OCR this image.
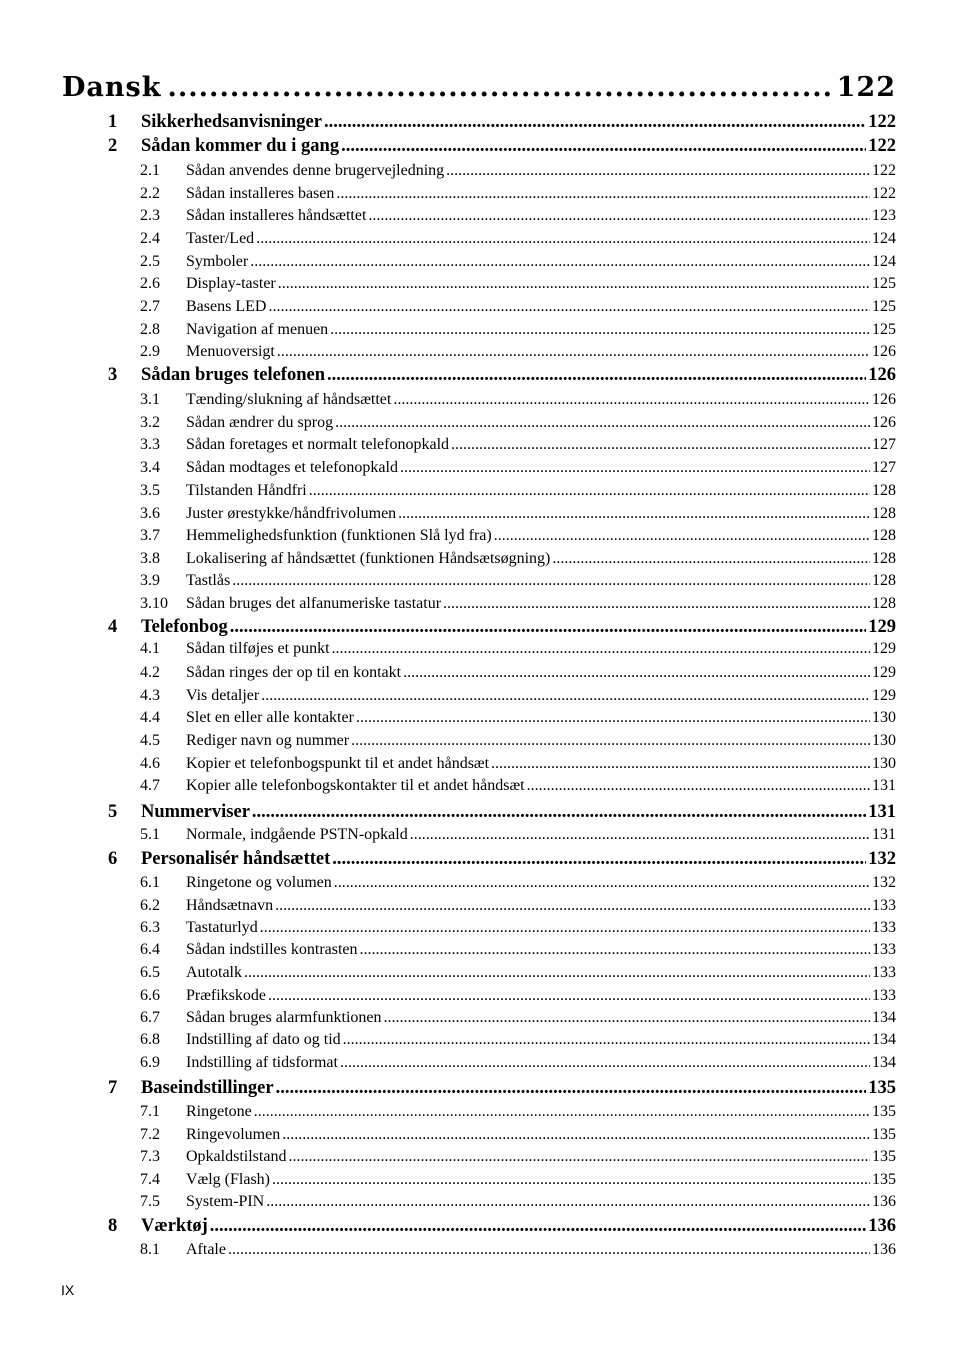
Dansk .....	122
1	Sikkerhedsanvisninger .....	122
2	Sådan kommer du i gang .....	122
2.1	Sådan anvendes denne brugervejledning .....	122
2.2	Sådan installeres basen .....	122
2.3	Sådan installeres håndsættet .....	123
2.4	Taster/Led .....	124
2.5	Symboler .....	124
2.6	Display-taster .....	125
2.7	Basens LED .....	125
2.8	Navigation af menuen .....	125
2.9	Menuoversigt .....	126
3	Sådan bruges telefonen .....	126
3.1	Tænding/slukning af håndsættet .....	126
3.2	Sådan ændrer du sprog .....	126
3.3	Sådan foretages et normalt telefonopkald .....	127
3.4	Sådan modtages et telefonopkald .....	127
3.5	Tilstanden Håndfri .....	128
3.6	Juster ørestykke/håndfrivolumen .....	128
3.7	Hemmelighedsfunktion (funktionen Slå lyd fra) .....	128
3.8	Lokalisering af håndsættet (funktionen Håndsætsøgning) .....	128
3.9	Tastlås .....	128
3.10	Sådan bruges det alfanumeriske tastatur .....	128
4	Telefonbog .....	129
4.1	Sådan tilføjes et punkt .....	129
4.2	Sådan ringes der op til en kontakt .....	129
4.3	Vis detaljer .....	129
4.4	Slet en eller alle kontakter .....	130
4.5	Rediger navn og nummer .....	130
4.6	Kopier et telefonbogspunkt til et andet håndsæt .....	130
4.7	Kopier alle telefonbogskontakter til et andet håndsæt .....	131
5	Nummerviser .....	131
5.1	Normale, indgående PSTN-opkald .....	131
6	Personalisér håndsættet .....	132
6.1	Ringetone og volumen .....	132
6.2	Håndsætnavn .....	133
6.3	Tastaturlyd .....	133
6.4	Sådan indstilles kontrasten .....	133
6.5	Autotalk .....	133
6.6	Præfikskode .....	133
6.7	Sådan bruges alarmfunktionen .....	134
6.8	Indstilling af dato og tid .....	134
6.9	Indstilling af tidsformat .....	134
7	Baseindstillinger .....	135
7.1	Ringetone .....	135
7.2	Ringevolumen .....	135
7.3	Opkaldstilstand .....	135
7.4	Vælg (Flash) .....	135
7.5	System-PIN .....	136
8	Værktøj .....	136
8.1	Aftale .....	136
IX
